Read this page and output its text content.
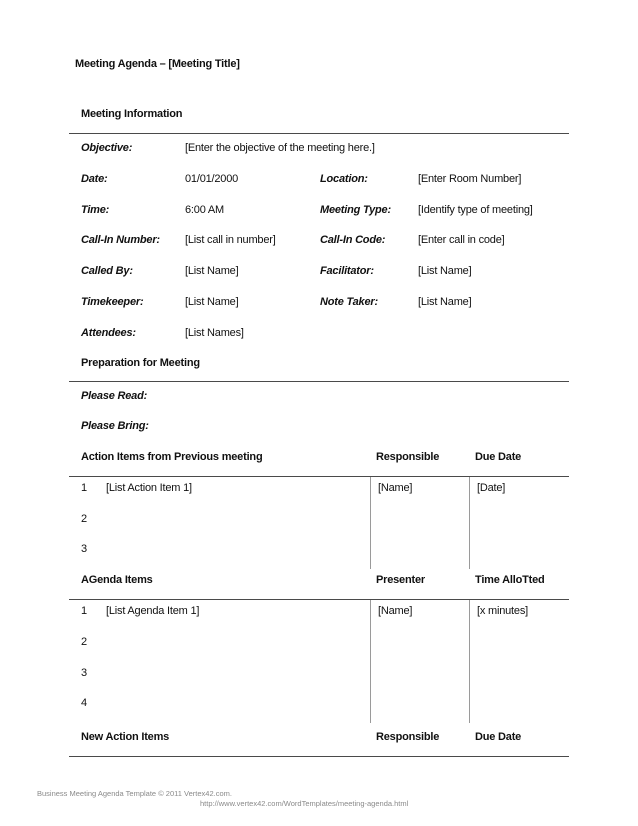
Meeting Agenda – [Meeting Title]
Meeting Information
Objective:	[Enter the objective of the meeting here.]
Date:	01/01/2000	Location:	[Enter Room Number]
Time:	6:00 AM	Meeting Type: [Identify type of meeting]
Call-In Number: [List call in number]	Call-In Code:	[Enter call in code]
Called By:	[List Name]	Facilitator:	[List Name]
Timekeeper:	[List Name]	Note Taker:	[List Name]
Attendees:	[List Names]
Preparation for Meeting
Please Read:
Please Bring:
Action Items from Previous meeting	Responsible	Due Date
1 [List Action Item 1]	[Name]	[Date]
2
3
AGenda Items	Presenter	Time AlloTted
1 [List Agenda Item 1]	[Name]	[x minutes]
2
3
4
New Action Items	Responsible	Due Date
Business Meeting Agenda Template © 2011 Vertex42.com.
http://www.vertex42.com/WordTemplates/meeting-agenda.html
